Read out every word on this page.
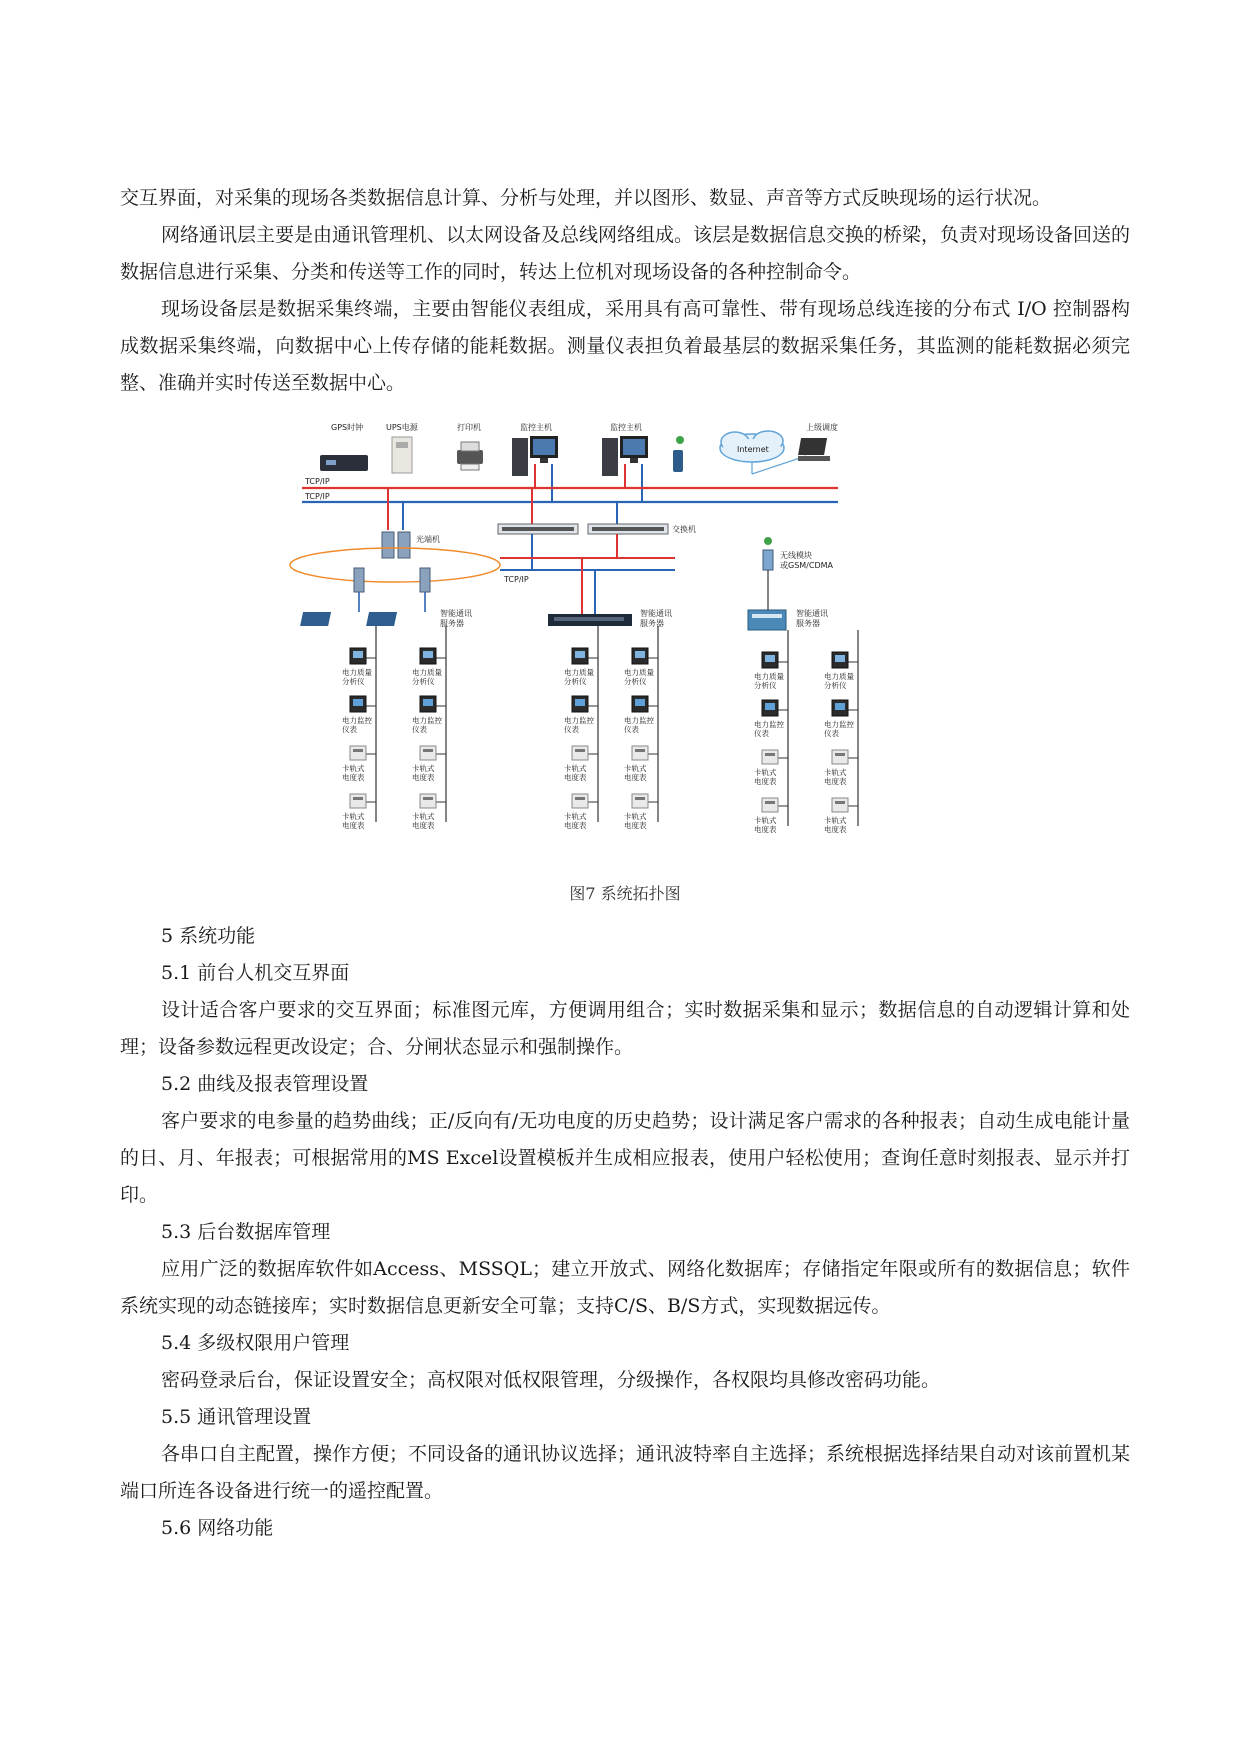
交互界面，对采集的现场各类数据信息计算、分析与处理，并以图形、数显、声音等方式反映现场的运行状况。

网络通讯层主要是由通讯管理机、以太网设备及总线网络组成。该层是数据信息交换的桥梁，负责对现场设备回送的数据信息进行采集、分类和传送等工作的同时，转达上位机对现场设备的各种控制命令。

现场设备层是数据采集终端，主要由智能仪表组成，采用具有高可靠性、带有现场总线连接的分布式 I/O 控制器构成数据采集终端，向数据中心上传存储的能耗数据。测量仪表担负着最基层的数据采集任务，其监测的能耗数据必须完整、准确并实时传送至数据中心。

GPS时钟	UPS电源	打印机	监控主机	监控主机
Internet
上级调度
TCP/IP
TCP/IP
交换机
光端机
TCP/IP
无线模块
或GSM/CDMA
智能通讯
服务器
智能通讯
服务器
智能通讯
服务器
电力质量
分析仪
电力监控
仪表
卡轨式
电度表
卡轨式
电度表
电力质量
分析仪
电力监控
仪表
卡轨式
电度表
卡轨式
电度表
电力质量
分析仪
电力监控
仪表
卡轨式
电度表
卡轨式
电度表
电力质量
分析仪
电力监控
仪表
卡轨式
电度表
卡轨式
电度表
电力质量
分析仪
电力监控
仪表
卡轨式
电度表
卡轨式
电度表
电力质量
分析仪
电力监控
仪表
卡轨式
电度表
卡轨式
电度表

图7 系统拓扑图

5 系统功能

5.1 前台人机交互界面

设计适合客户要求的交互界面；标准图元库，方便调用组合；实时数据采集和显示；数据信息的自动逻辑计算和处理；设备参数远程更改设定；合、分闸状态显示和强制操作。

5.2 曲线及报表管理设置

客户要求的电参量的趋势曲线；正/反向有/无功电度的历史趋势；设计满足客户需求的各种报表；自动生成电能计量的日、月、年报表；可根据常用的MS Excel设置模板并生成相应报表，使用户轻松使用；查询任意时刻报表、显示并打印。

5.3 后台数据库管理

应用广泛的数据库软件如Access、MSSQL；建立开放式、网络化数据库；存储指定年限或所有的数据信息；软件系统实现的动态链接库；实时数据信息更新安全可靠；支持C/S、B/S方式，实现数据远传。

5.4 多级权限用户管理

密码登录后台，保证设置安全；高权限对低权限管理，分级操作，各权限均具修改密码功能。

5.5 通讯管理设置

各串口自主配置，操作方便；不同设备的通讯协议选择；通讯波特率自主选择；系统根据选择结果自动对该前置机某端口所连各设备进行统一的遥控配置。

5.6 网络功能
